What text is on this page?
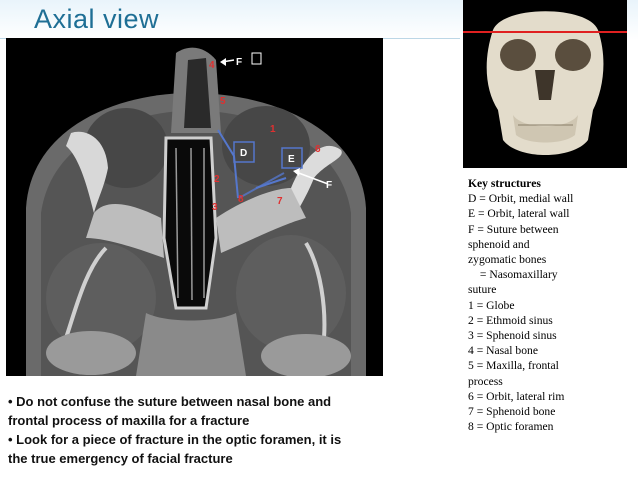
Axial view
F
4
5
1
D
E
6
F
2
8	7
3
Key structures
D = Orbit, medial wall
E = Orbit, lateral wall
F = Suture between
sphenoid and
zygomatic bones
  = Nasomaxillary
suture
1 = Globe
2 = Ethmoid sinus
3 = Sphenoid sinus
4 = Nasal bone
5 = Maxilla, frontal
process
6 = Orbit, lateral rim
7 = Sphenoid bone
8 = Optic foramen
• Do not confuse the suture between nasal bone and
frontal process of maxilla for a fracture
• Look for a piece of fracture in the optic foramen, it is
the true emergency of facial fracture
